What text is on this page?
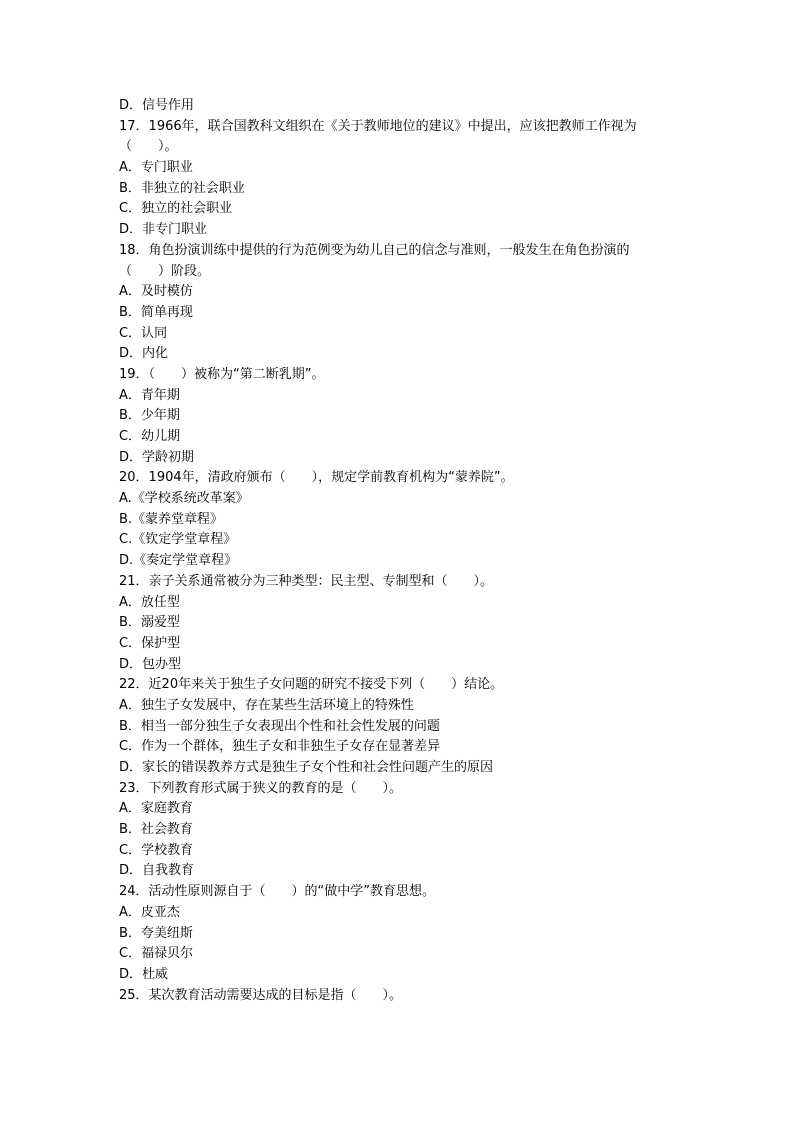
D．信号作用
17．1966年，联合国教科文组织在《关于教师地位的建议》中提出，应该把教师工作视为
（　　）。
A．专门职业
B．非独立的社会职业
C．独立的社会职业
D．非专门职业
18．角色扮演训练中提供的行为范例变为幼儿自己的信念与准则，一般发生在角色扮演的
（　　）阶段。
A．及时模仿
B．简单再现
C．认同
D．内化
19．（　　）被称为“第二断乳期”。
A．青年期
B．少年期
C．幼儿期
D．学龄初期
20．1904年，清政府颁布（　　），规定学前教育机构为“蒙养院”。
A.《学校系统改革案》
B.《蒙养堂章程》
C.《钦定学堂章程》
D.《奏定学堂章程》
21．亲子关系通常被分为三种类型：民主型、专制型和（　　）。
A．放任型
B．溺爱型
C．保护型
D．包办型
22．近20年来关于独生子女问题的研究不接受下列（　　）结论。
A．独生子女发展中，存在某些生活环境上的特殊性
B．相当一部分独生子女表现出个性和社会性发展的问题
C．作为一个群体，独生子女和非独生子女存在显著差异
D．家长的错误教养方式是独生子女个性和社会性问题产生的原因
23．下列教育形式属于狭义的教育的是（　　）。
A．家庭教育
B．社会教育
C．学校教育
D．自我教育
24．活动性原则源自于（　　）的“做中学”教育思想。
A．皮亚杰
B．夸美纽斯
C．福禄贝尔
D．杜威
25．某次教育活动需要达成的目标是指（　　）。
